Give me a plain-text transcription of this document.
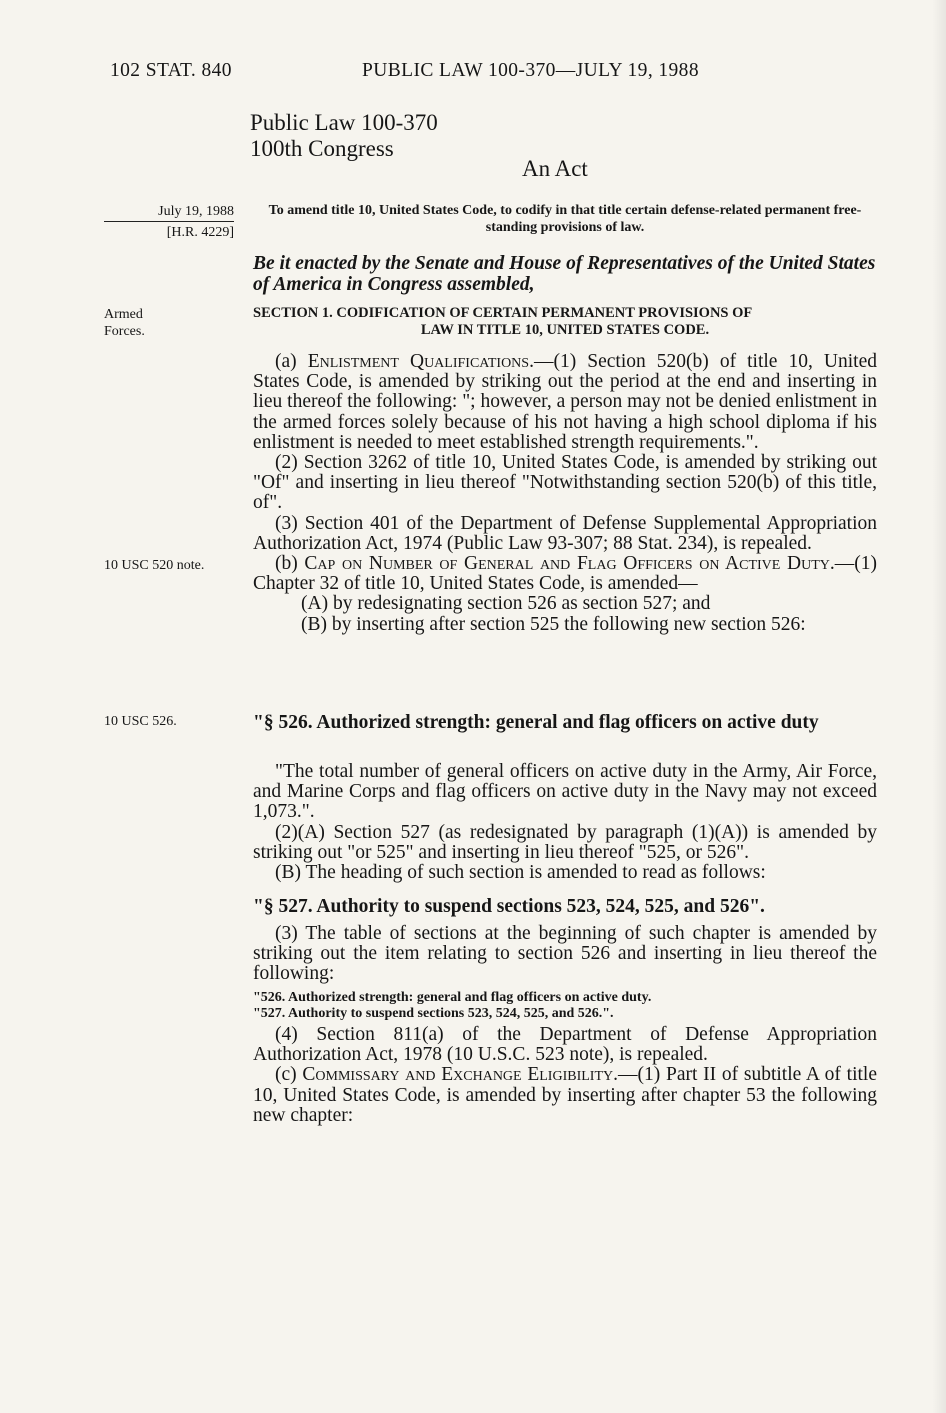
102 STAT. 840	PUBLIC LAW 100-370—JULY 19, 1988
Public Law 100-370
100th Congress
An Act
July 19, 1988
[H.R. 4229]
Armed
Forces.
10 USC 520 note.
10 USC 526.
To amend title 10, United States Code, to codify in that title certain defense-related permanent free-standing provisions of law.
Be it enacted by the Senate and House of Representatives of the United States of America in Congress assembled,
SECTION 1. CODIFICATION OF CERTAIN PERMANENT PROVISIONS OF
LAW IN TITLE 10, UNITED STATES CODE.

(a) Enlistment Qualifications.—(1) Section 520(b) of title 10, United States Code, is amended by striking out the period at the end and inserting in lieu thereof the following: "; however, a person may not be denied enlistment in the armed forces solely because of his not having a high school diploma if his enlistment is needed to meet established strength requirements.".

(2) Section 3262 of title 10, United States Code, is amended by striking out "Of" and inserting in lieu thereof "Notwithstanding section 520(b) of this title, of".

(3) Section 401 of the Department of Defense Supplemental Appropriation Authorization Act, 1974 (Public Law 93-307; 88 Stat. 234), is repealed.

(b) Cap on Number of General and Flag Officers on Active Duty.—(1) Chapter 32 of title 10, United States Code, is amended—

(A) by redesignating section 526 as section 527; and

(B) by inserting after section 525 the following new section 526:

"§ 526. Authorized strength: general and flag officers on active duty

"The total number of general officers on active duty in the Army, Air Force, and Marine Corps and flag officers on active duty in the Navy may not exceed 1,073.".

(2)(A) Section 527 (as redesignated by paragraph (1)(A)) is amended by striking out "or 525" and inserting in lieu thereof "525, or 526".

(B) The heading of such section is amended to read as follows:

"§ 527. Authority to suspend sections 523, 524, 525, and 526".

(3) The table of sections at the beginning of such chapter is amended by striking out the item relating to section 526 and inserting in lieu thereof the following:

"526. Authorized strength: general and flag officers on active duty.
"527. Authority to suspend sections 523, 524, 525, and 526.".

(4) Section 811(a) of the Department of Defense Appropriation Authorization Act, 1978 (10 U.S.C. 523 note), is repealed.

(c) Commissary and Exchange Eligibility.—(1) Part II of subtitle A of title 10, United States Code, is amended by inserting after chapter 53 the following new chapter:
